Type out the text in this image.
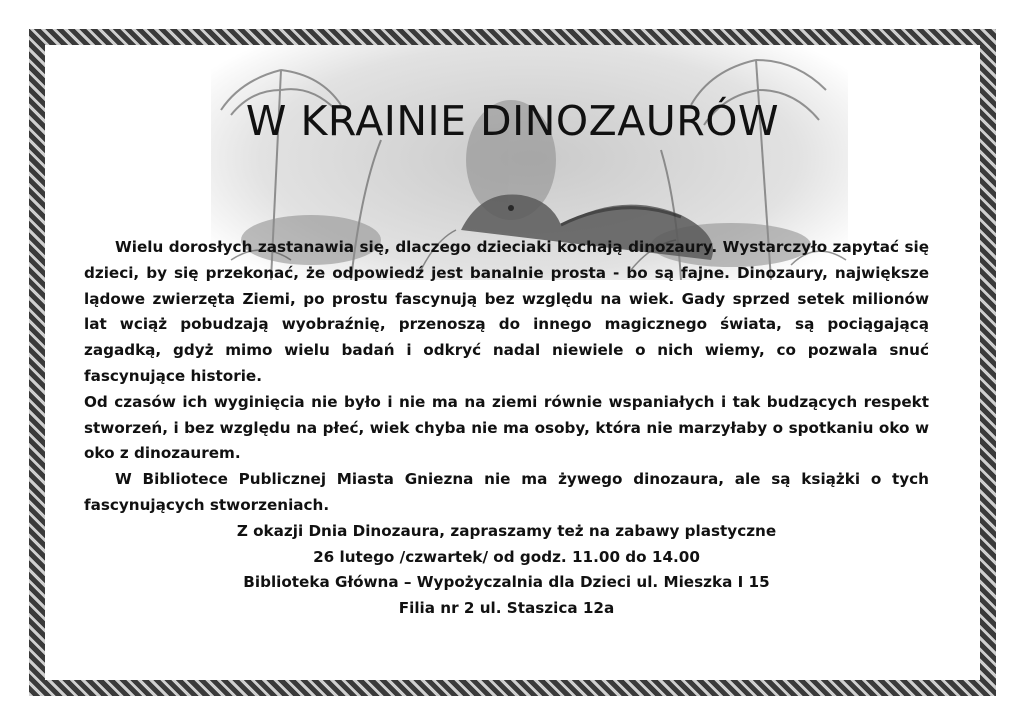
W KRAINIE DINOZAURÓW

Wielu dorosłych zastanawia się, dlaczego dzieciaki kochają dinozaury. Wystarczyło zapytać się dzieci, by się przekonać, że odpowiedź jest banalnie prosta - bo są fajne. Dinozaury, największe lądowe zwierzęta Ziemi, po prostu fascynują bez względu na wiek. Gady sprzed setek milionów lat wciąż pobudzają wyobraźnię, przenoszą do innego magicznego świata, są pociągającą zagadką, gdyż mimo wielu badań i odkryć nadal niewiele o nich wiemy, co pozwala snuć fascynujące historie.

Od czasów ich wyginięcia nie było i nie ma na ziemi równie wspaniałych i tak budzących respekt stworzeń, i bez względu na płeć, wiek chyba nie ma osoby, która nie marzyłaby o spotkaniu oko w oko z dinozaurem.

W Bibliotece Publicznej Miasta Gniezna nie ma żywego dinozaura, ale są książki o tych fascynujących stworzeniach.

Z okazji Dnia Dinozaura, zapraszamy też na zabawy plastyczne

26 lutego /czwartek/ od godz. 11.00 do 14.00

Biblioteka Główna – Wypożyczalnia dla Dzieci ul. Mieszka I 15

Filia nr 2 ul. Staszica 12a
